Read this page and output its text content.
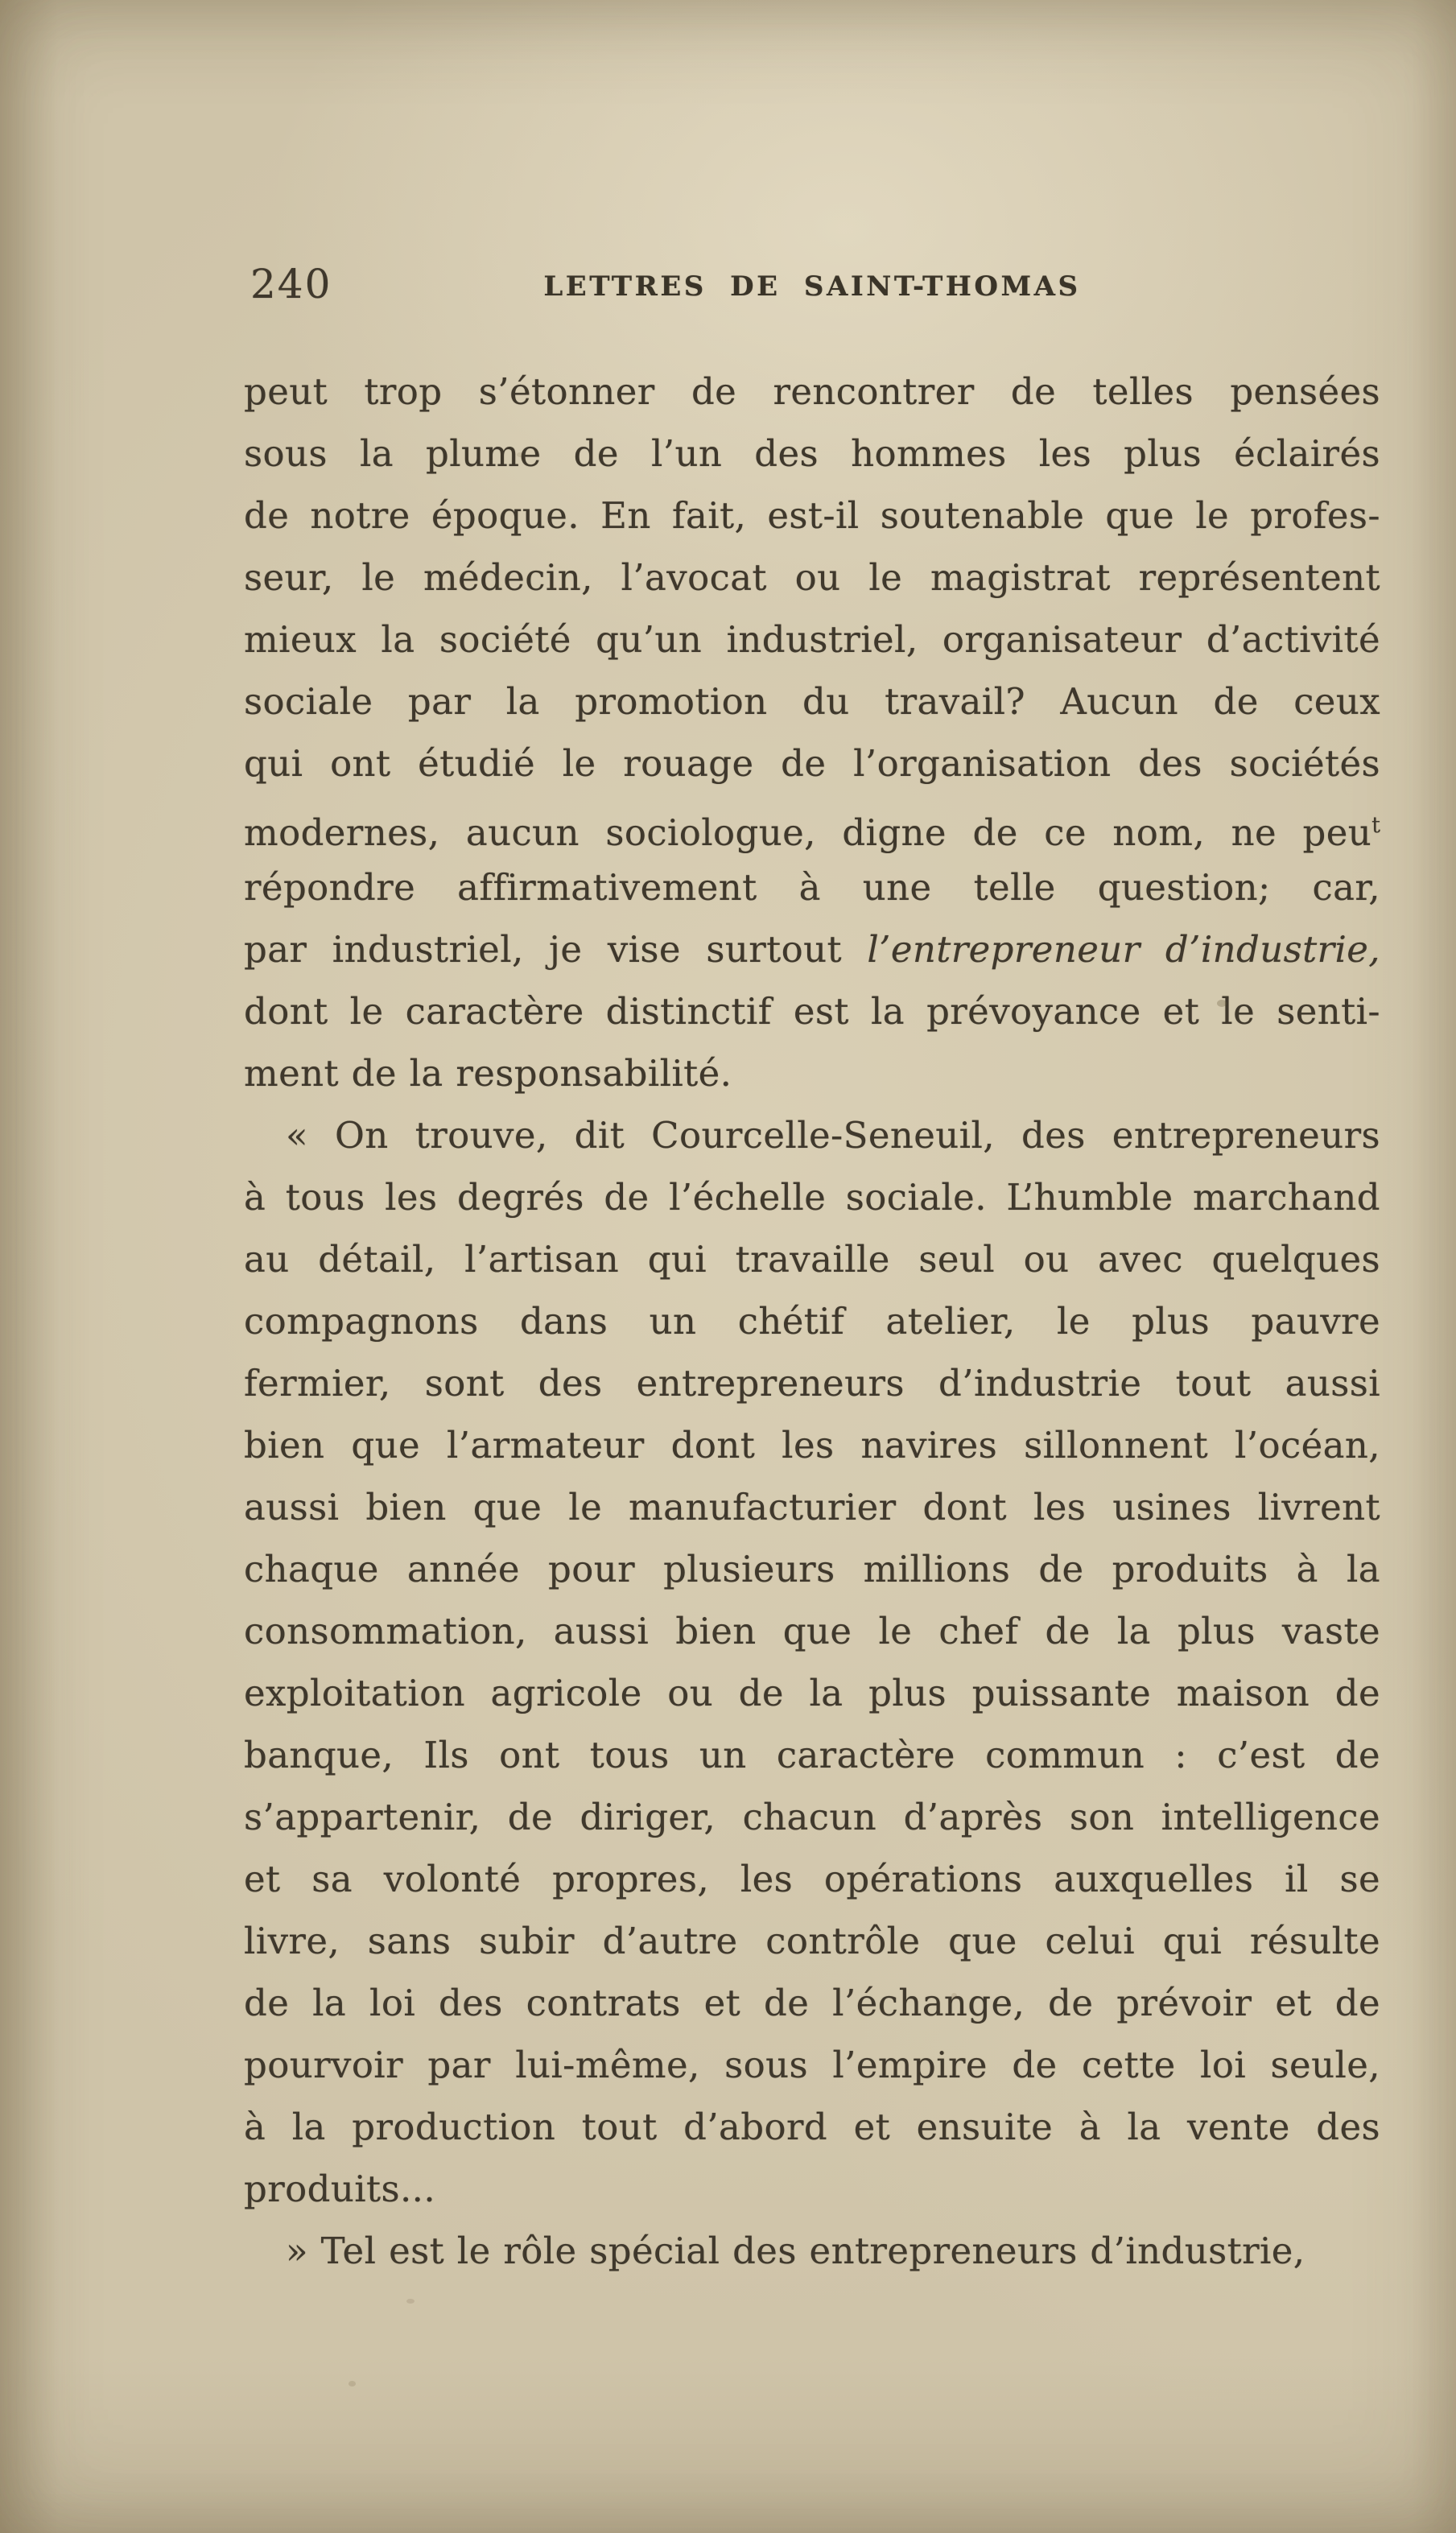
240	LETTRES DE SAINT-THOMAS
peut trop s’étonner de rencontrer de telles pensées
sous la plume de l’un des hommes les plus éclairés
de notre époque. En fait, est-il soutenable que le profes-
seur, le médecin, l’avocat ou le magistrat représentent
mieux la société qu’un industriel, organisateur d’activité
sociale par la promotion du travail? Aucun de ceux
qui ont étudié le rouage de l’organisation des sociétés
modernes, aucun sociologue, digne de ce nom, ne peu$^t$
répondre affirmativement à une telle question; car,
par industriel, je vise surtout l’entrepreneur d’industrie,
dont le caractère distinctif est la prévoyance et le senti-
ment de la responsabilité.
« On trouve, dit Courcelle-Seneuil, des entrepreneurs
à tous les degrés de l’échelle sociale. L’humble marchand
au détail, l’artisan qui travaille seul ou avec quelques
compagnons dans un chétif atelier, le plus pauvre
fermier, sont des entrepreneurs d’industrie tout aussi
bien que l’armateur dont les navires sillonnent l’océan,
aussi bien que le manufacturier dont les usines livrent
chaque année pour plusieurs millions de produits à la
consommation, aussi bien que le chef de la plus vaste
exploitation agricole ou de la plus puissante maison de
banque, Ils ont tous un caractère commun : c’est de
s’appartenir, de diriger, chacun d’après son intelligence
et sa volonté propres, les opérations auxquelles il se
livre, sans subir d’autre contrôle que celui qui résulte
de la loi des contrats et de l’échange, de prévoir et de
pourvoir par lui-même, sous l’empire de cette loi seule,
à la production tout d’abord et ensuite à la vente des
produits...
» Tel est le rôle spécial des entrepreneurs d’industrie,
